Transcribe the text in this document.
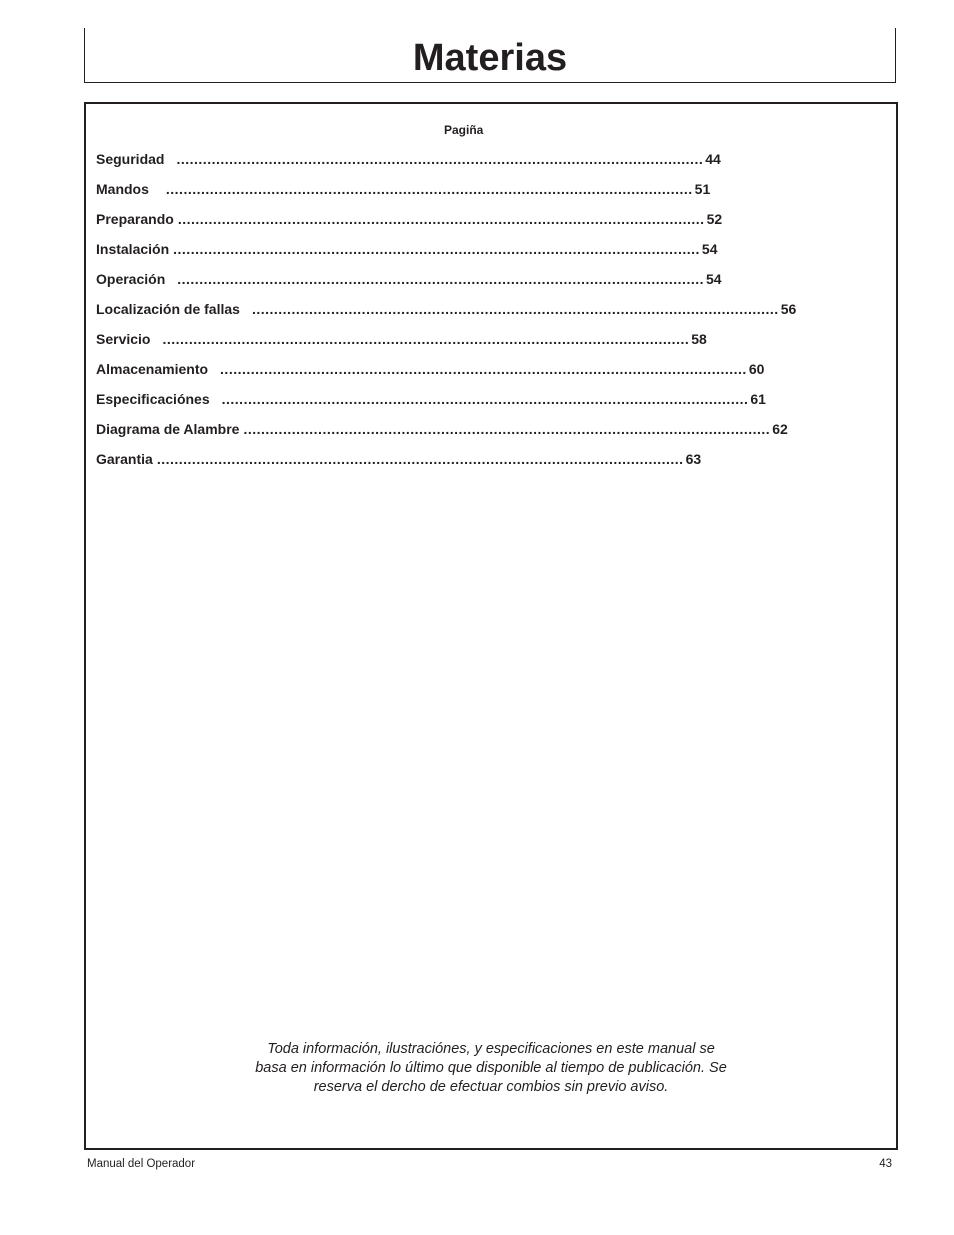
Materias
Pagiña
Seguridad ........................................................................................................................ 44
Mandos ........................................................................................................................ 51
Preparando ........................................................................................................................ 52
Instalación ........................................................................................................................ 54
Operación ........................................................................................................................ 54
Localización de fallas ........................................................................................................................ 56
Servicio ........................................................................................................................ 58
Almacenamiento ........................................................................................................................ 60
Especificaciónes ........................................................................................................................ 61
Diagrama de Alambre ........................................................................................................................ 62
Garantia ........................................................................................................................ 63

Toda información, ilustraciónes, y especificaciones en este manual se
basa en información lo último que disponible al tiempo de publicación. Se
reserva el dercho de efectuar combios sin previo aviso.

Manual del Operador	43
